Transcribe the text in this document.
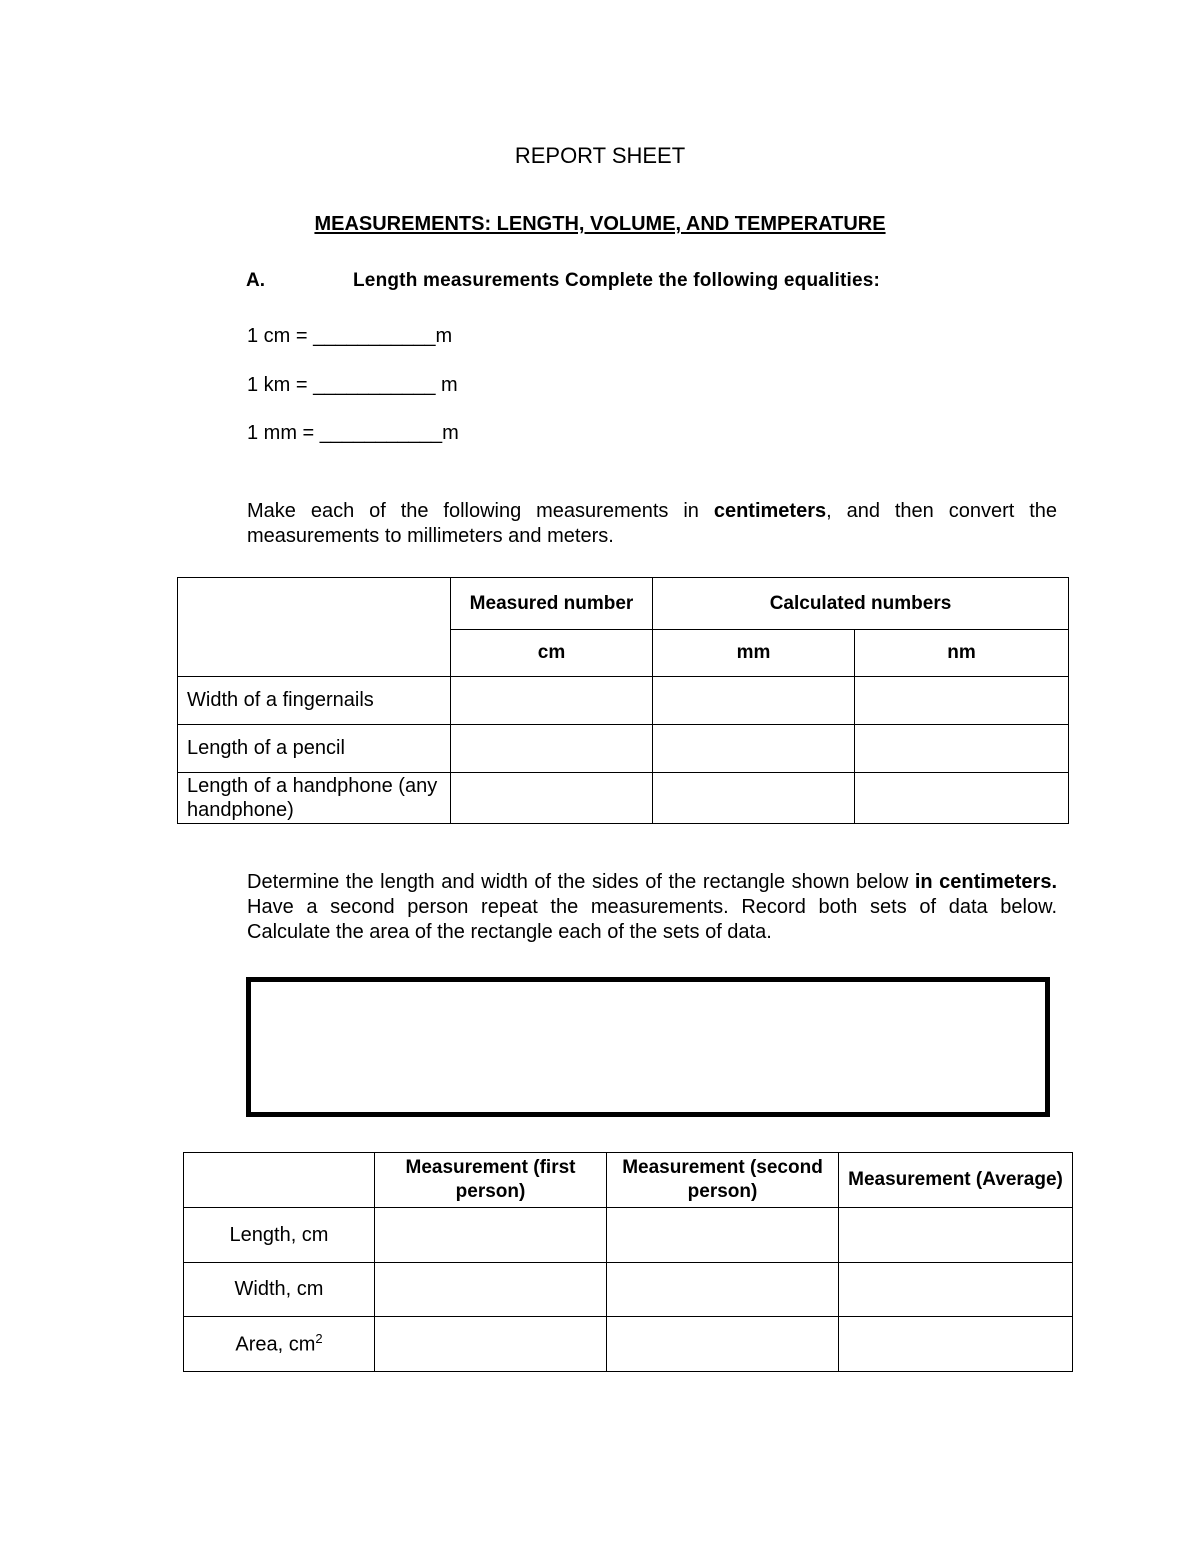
REPORT SHEET
MEASUREMENTS: LENGTH, VOLUME, AND TEMPERATURE
A.	Length measurements Complete the following equalities:
1 cm = ___________m
1 km = ___________ m
1 mm = ___________m
Make each of the following measurements in centimeters, and then convert the measurements to millimeters and meters.
	Measured number	Calculated numbers	
	cm	mm	nm
Width of a fingernails			
Length of a pencil			
Length of a handphone (any handphone)			
Determine the length and width of the sides of the rectangle shown below in centimeters. Have a second person repeat the measurements. Record both sets of data below. Calculate the area of the rectangle each of the sets of data.
	Measurement (first person)	Measurement (second person)	Measurement (Average)
Length, cm			
Width, cm			
Area, $cm^2$			
